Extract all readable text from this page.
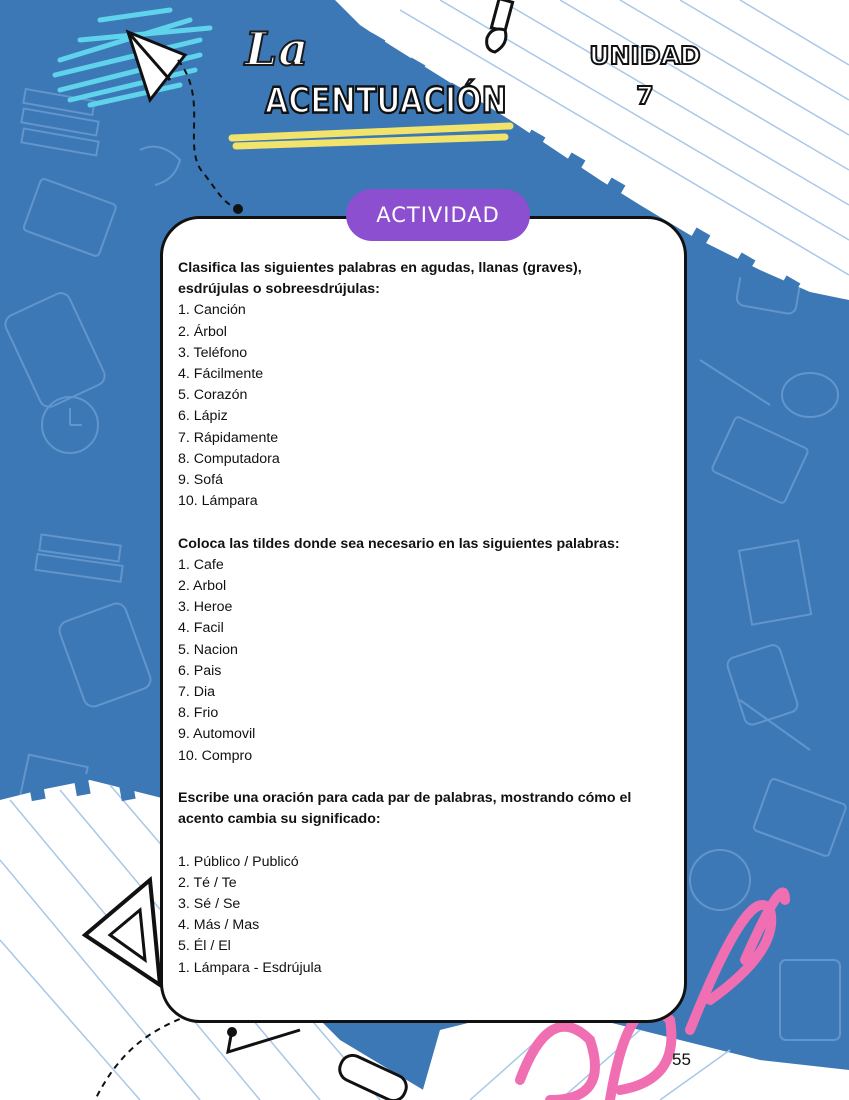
La
ACENTUACIÓN
UNIDAD
7
ACTIVIDAD
Clasifica las siguientes palabras en agudas, llanas (graves), esdrújulas o sobreesdrújulas:
1. Canción
2. Árbol
3. Teléfono
4. Fácilmente
5. Corazón
6. Lápiz
7. Rápidamente
8. Computadora
9. Sofá
10. Lámpara
Coloca las tildes donde sea necesario en las siguientes palabras:
1. Cafe
2. Arbol
3. Heroe
4. Facil
5. Nacion
6. Pais
7. Dia
8. Frio
9. Automovil
10. Compro
Escribe una oración para cada par de palabras, mostrando cómo el acento cambia su significado:
1. Público / Publicó
2. Té / Te
3. Sé / Se
4. Más / Mas
5. Él / El
1. Lámpara - Esdrújula
55
